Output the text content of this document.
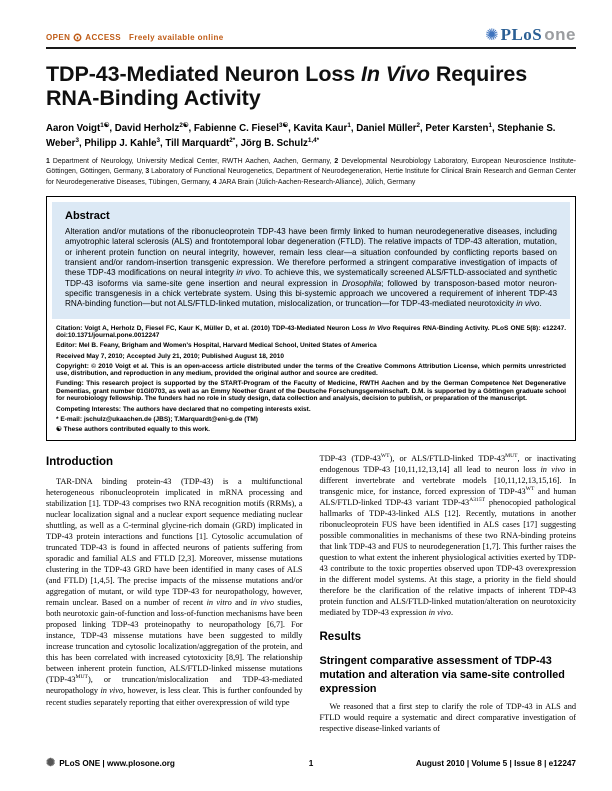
OPEN ACCESS Freely available online	✺ PLoS one
TDP-43-Mediated Neuron Loss In Vivo Requires RNA-Binding Activity

Aaron Voigt$^{1☯}$, David Herholz$^{2☯}$, Fabienne C. Fiesel$^{3☯}$, Kavita Kaur$^1$, Daniel Müller$^2$, Peter Karsten$^1$, Stephanie S. Weber$^3$, Philipp J. Kahle$^3$, Till Marquardt$^{2*}$, Jörg B. Schulz$^{1,4*}$

1 Department of Neurology, University Medical Center, RWTH Aachen, Aachen, Germany, 2 Developmental Neurobiology Laboratory, European Neuroscience Institute-Göttingen, Göttingen, Germany, 3 Laboratory of Functional Neurogenetics, Department of Neurodegeneration, Hertie Institute for Clinical Brain Research and German Center for Neurodegenerative Diseases, Tübingen, Germany, 4 JARA Brain (Jülich-Aachen-Research-Alliance), Jülich, Germany

Abstract

Alteration and/or mutations of the ribonucleoprotein TDP-43 have been firmly linked to human neurodegenerative diseases, including amyotrophic lateral sclerosis (ALS) and frontotemporal lobar degeneration (FTLD). The relative impacts of TDP-43 alteration, mutation, or inherent protein function on neural integrity, however, remain less clear—a situation confounded by conflicting reports based on transient and/or random-insertion transgenic expression. We therefore performed a stringent comparative investigation of impacts of these TDP-43 modifications on neural integrity in vivo. To achieve this, we systematically screened ALS/FTLD-associated and synthetic TDP-43 isoforms via same-site gene insertion and neural expression in Drosophila; followed by transposon-based motor neuron-specific transgenesis in a chick vertebrate system. Using this bi-systemic approach we uncovered a requirement of inherent TDP-43 RNA-binding function—but not ALS/FTLD-linked mutation, mislocalization, or truncation—for TDP-43-mediated neurotoxicity in vivo.

Citation: Voigt A, Herholz D, Fiesel FC, Kaur K, Müller D, et al. (2010) TDP-43-Mediated Neuron Loss In Vivo Requires RNA-Binding Activity. PLoS ONE 5(8): e12247. doi:10.1371/journal.pone.0012247

Editor: Mel B. Feany, Brigham and Women's Hospital, Harvard Medical School, United States of America

Received May 7, 2010; Accepted July 21, 2010; Published August 18, 2010

Copyright: © 2010 Voigt et al. This is an open-access article distributed under the terms of the Creative Commons Attribution License, which permits unrestricted use, distribution, and reproduction in any medium, provided the original author and source are credited.

Funding: This research project is supported by the START-Program of the Faculty of Medicine, RWTH Aachen and by the German Competence Net Degenerative Dementias, grant number 01GI0703, as well as an Emmy Noether Grant of the Deutsche Forschungsgemeinschaft. D.M. is supported by a Göttingen graduate school for neurobiology fellowship. The funders had no role in study design, data collection and analysis, decision to publish, or preparation of the manuscript.

Competing Interests: The authors have declared that no competing interests exist.

* E-mail: jschulz@ukaachen.de (JBS); T.Marquardt@eni-g.de (TM)

☯ These authors contributed equally to this work.

Introduction

TAR-DNA binding protein-43 (TDP-43) is a multifunctional heterogeneous ribonucleoprotein implicated in mRNA processing and stabilization [1]. TDP-43 comprises two RNA recognition motifs (RRMs), a nuclear localization signal and a nuclear export sequence mediating nuclear shuttling, as well as a C-terminal glycine-rich domain (GRD) implicated in TDP-43 protein interactions and functions [1]. Cytosolic accumulation of truncated TDP-43 is found in affected neurons of patients suffering from sporadic and familial ALS and FTLD [2,3]. Moreover, missense mutations clustering in the TDP-43 GRD have been identified in many cases of ALS (and FTLD) [1,4,5]. The precise impacts of the missense mutations and/or aggregation of mutant, or wild type TDP-43 for neuropathology, however, remain unclear. Based on a number of recent in vitro and in vivo studies, both neurotoxic gain-of-function and loss-of-function mechanisms have been proposed linking TDP-43 proteinopathy to neuropathology [6,7]. For instance, TDP-43 missense mutations have been suggested to mildly increase truncation and cytosolic localization/aggregation of the protein, and this has been correlated with increased cytotoxicity [8,9]. The relationship between inherent protein function, ALS/FTLD-linked missense mutations $(TDP-43^{MUT})$, or truncation/mislocalization and TDP-43-mediated neuropathology in vivo, however, is less clear. This is further confounded by recent studies separately reporting that either overexpression of wild type

TDP-43 $(TDP-43^{WT})$, or ALS/FTLD-linked TDP-$43^{MUT}$, or inactivating endogenous TDP-43 [10,11,12,13,14] all lead to neuron loss in vivo in different invertebrate and vertebrate models [10,11,12,13,15,16]. In transgenic mice, for instance, forced expression of TDP-$43^{WT}$ and human ALS/FTLD-linked TDP-43 variant TDP-$43^{A315T}$ phenocopied pathological hallmarks of TDP-43-linked ALS [12]. Recently, mutations in another ribonucleoprotein FUS have been identified in ALS cases [17] suggesting possible commonalities in mechanisms of these two RNA-binding proteins that link TDP-43 and FUS to neurodegeneration [1,7]. This further raises the question to what extent the inherent physiological activities exerted by TDP-43 contribute to the toxic properties observed upon TDP-43 overexpression in the different model systems. At this stage, a priority in the field should therefore be the clarification of the relative impacts of inherent TDP-43 protein function and ALS/FTLD-linked mutation/alteration on neurotoxicity mediated by TDP-43 expression in vivo.

Results
Stringent comparative assessment of TDP-43 mutation and alteration via same-site controlled expression

We reasoned that a first step to clarify the role of TDP-43 in ALS and FTLD would require a systematic and direct comparative investigation of respective disease-linked variants of

✺ PLoS ONE | www.plosone.org	1	August 2010 | Volume 5 | Issue 8 | e12247
